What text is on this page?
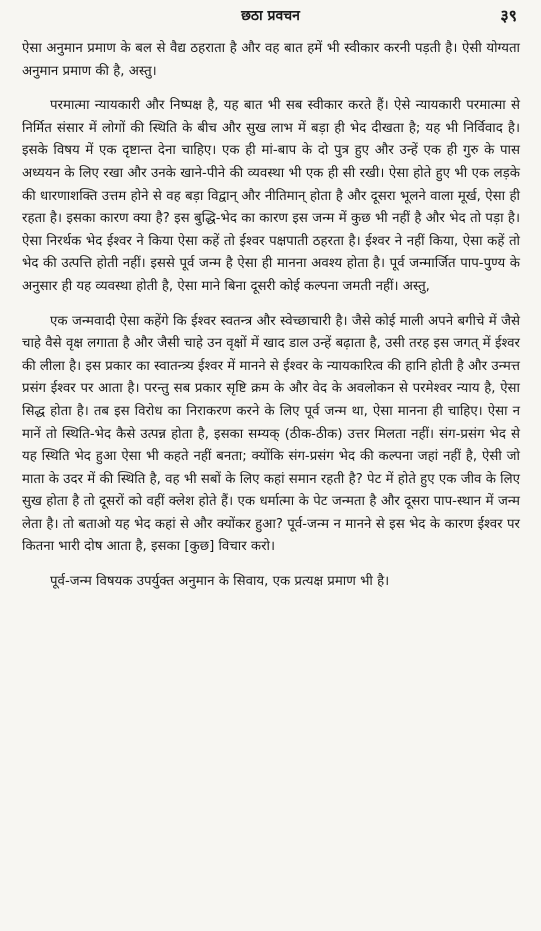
छठा प्रवचन	३९

ऐसा अनुमान प्रमाण के बल से वैद्य ठहराता है और वह बात हमें भी स्वीकार करनी पड़ती है। ऐसी योग्यता अनुमान प्रमाण की है, अस्तु।

परमात्मा न्यायकारी और निष्पक्ष है, यह बात भी सब स्वीकार करते हैं। ऐसे न्यायकारी परमात्मा से निर्मित संसार में लोगों की स्थिति के बीच और सुख लाभ में बड़ा ही भेद दीखता है; यह भी निर्विवाद है। इसके विषय में एक दृष्टान्त देना चाहिए। एक ही मां-बाप के दो पुत्र हुए और उन्हें एक ही गुरु के पास अध्ययन के लिए रखा और उनके खाने-पीने की व्यवस्था भी एक ही सी रखी। ऐसा होते हुए भी एक लड़के की धारणाशक्ति उत्तम होने से वह बड़ा विद्वान् और नीतिमान् होता है और दूसरा भूलने वाला मूर्ख, ऐसा ही रहता है। इसका कारण क्या है? इस बुद्धि-भेद का कारण इस जन्म में कुछ भी नहीं है और भेद तो पड़ा है। ऐसा निरर्थक भेद ईश्वर ने किया ऐसा कहें तो ईश्वर पक्षपाती ठहरता है। ईश्वर ने नहीं किया, ऐसा कहें तो भेद की उत्पत्ति होती नहीं। इससे पूर्व जन्म है ऐसा ही मानना अवश्य होता है। पूर्व जन्मार्जित पाप-पुण्य के अनुसार ही यह व्यवस्था होती है, ऐसा माने बिना दूसरी कोई कल्पना जमती नहीं। अस्तु,

एक जन्मवादी ऐसा कहेंगे कि ईश्वर स्वतन्त्र और स्वेच्छाचारी है। जैसे कोई माली अपने बगीचे में जैसे चाहे वैसे वृक्ष लगाता है और जैसी चाहे उन वृक्षों में खाद डाल उन्हें बढ़ाता है, उसी तरह इस जगत् में ईश्वर की लीला है। इस प्रकार का स्वातन्त्र्य ईश्वर में मानने से ईश्वर के न्यायकारित्व की हानि होती है और उन्मत्त प्रसंग ईश्वर पर आता है। परन्तु सब प्रकार सृष्टि क्रम के और वेद के अवलोकन से परमेश्वर न्याय है, ऐसा सिद्ध होता है। तब इस विरोध का निराकरण करने के लिए पूर्व जन्म था, ऐसा मानना ही चाहिए। ऐसा न मानें तो स्थिति-भेद कैसे उत्पन्न होता है, इसका सम्यक् (ठीक-ठीक) उत्तर मिलता नहीं। संग-प्रसंग भेद से यह स्थिति भेद हुआ ऐसा भी कहते नहीं बनता; क्योंकि संग-प्रसंग भेद की कल्पना जहां नहीं है, ऐसी जो माता के उदर में की स्थिति है, वह भी सबों के लिए कहां समान रहती है? पेट में होते हुए एक जीव के लिए सुख होता है तो दूसरों को वहीं क्लेश होते हैं। एक धर्मात्मा के पेट जन्मता है और दूसरा पाप-स्थान में जन्म लेता है। तो बताओ यह भेद कहां से और क्योंकर हुआ? पूर्व-जन्म न मानने से इस भेद के कारण ईश्वर पर कितना भारी दोष आता है, इसका [कुछ] विचार करो।

पूर्व-जन्म विषयक उपर्युक्त अनुमान के सिवाय, एक प्रत्यक्ष प्रमाण भी है।
